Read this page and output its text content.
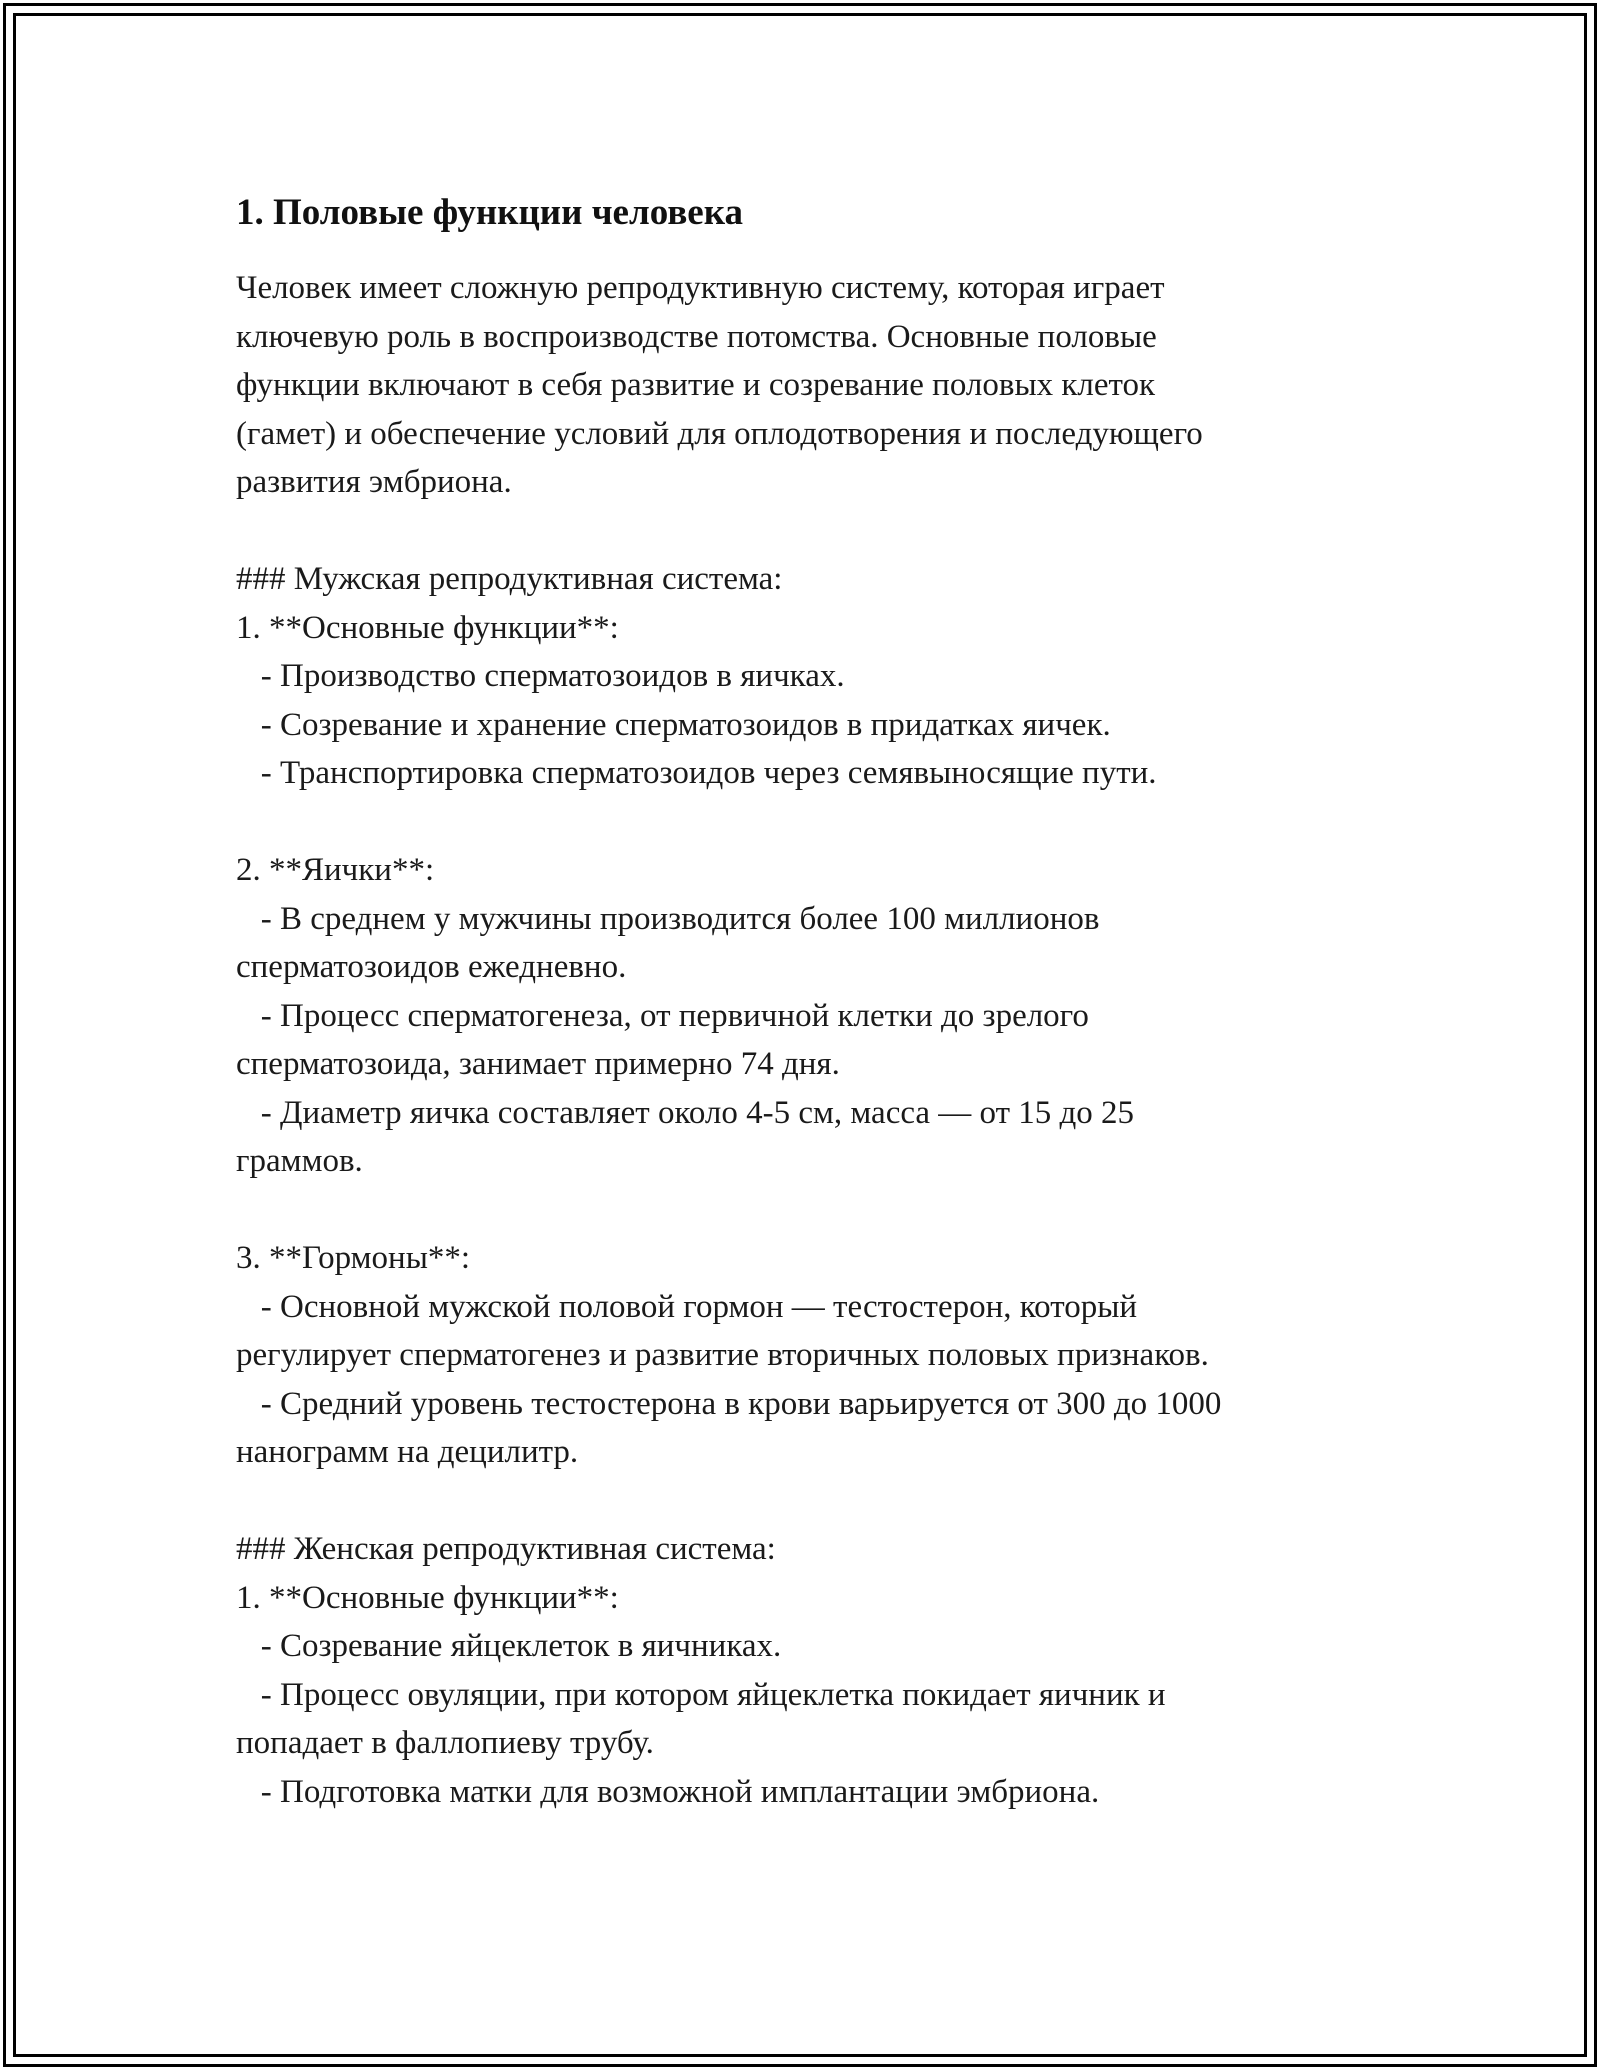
1. Половые функции человека

Человек имеет сложную репродуктивную систему, которая играет
ключевую роль в воспроизводстве потомства. Основные половые
функции включают в себя развитие и созревание половых клеток
(гамет) и обеспечение условий для оплодотворения и последующего
развития эмбриона.

### Мужская репродуктивная система:
1. **Основные функции**:
- Производство сперматозоидов в яичках.
- Созревание и хранение сперматозоидов в придатках яичек.
- Транспортировка сперматозоидов через семявыносящие пути.

2. **Яички**:
- В среднем у мужчины производится более 100 миллионов
сперматозоидов ежедневно.
- Процесс сперматогенеза, от первичной клетки до зрелого
сперматозоида, занимает примерно 74 дня.
- Диаметр яичка составляет около 4-5 см, масса — от 15 до 25
граммов.

3. **Гормоны**:
- Основной мужской половой гормон — тестостерон, который
регулирует сперматогенез и развитие вторичных половых признаков.
- Средний уровень тестостерона в крови варьируется от 300 до 1000
нанограмм на децилитр.

### Женская репродуктивная система:
1. **Основные функции**:
- Созревание яйцеклеток в яичниках.
- Процесс овуляции, при котором яйцеклетка покидает яичник и
попадает в фаллопиеву трубу.
- Подготовка матки для возможной имплантации эмбриона.
